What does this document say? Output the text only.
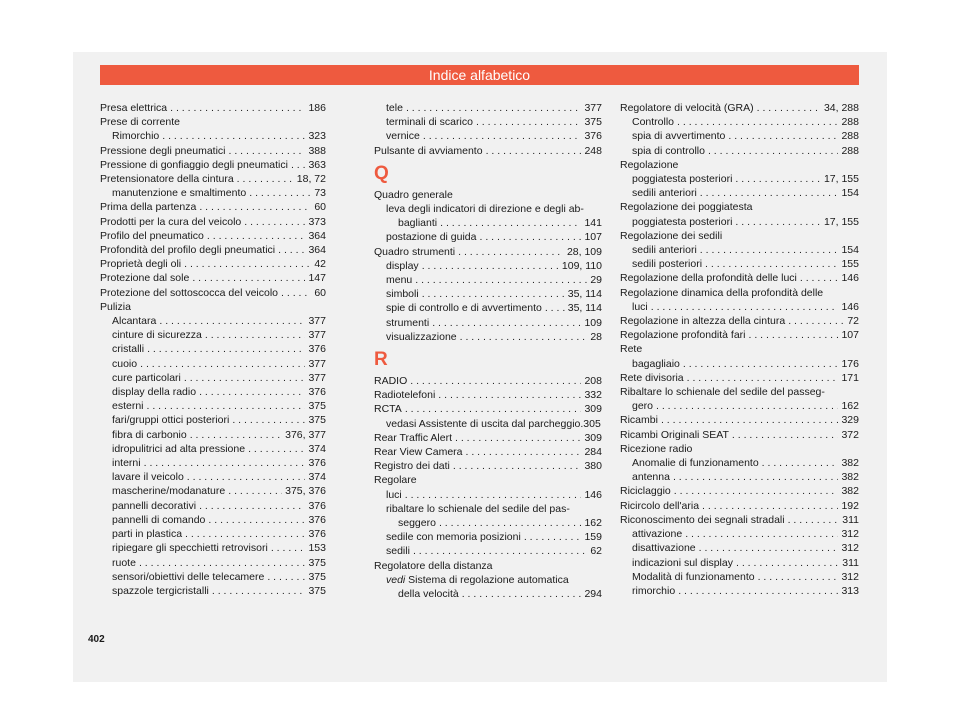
Indice alfabetico
Presa elettrica . . .	186
Prese di corrente
Rimorchio . . .	323
Pressione degli pneumatici . . .	388
Pressione di gonfiaggio degli pneumatici . . . 363
Pretensionatore della cintura . . .	18, 72
manutenzione e smaltimento . . .	73
Prima della partenza . . .	60
Prodotti per la cura del veicolo . . .	373
Profilo del pneumatico . . .	364
Profondità del profilo degli pneumatici . . .	364
Proprietà degli oli . . .	42
Protezione dal sole . . .	147
Protezione del sottoscocca del veicolo . . .	60
Pulizia
Alcantara . . .	377
cinture di sicurezza . . .	377
cristalli . . .	376
cuoio . . .	377
cure particolari . . .	377
display della radio . . .	376
esterni . . .	375
fari/gruppi ottici posteriori . . .	375
fibra di carbonio . . .	376, 377
idropulitrici ad alta pressione . . .	374
interni . . .	376
lavare il veicolo . . .	374
mascherine/modanature . . .	375, 376
pannelli decorativi . . .	376
pannelli di comando . . .	376
parti in plastica . . .	376
ripiegare gli specchietti retrovisori . . .	153
ruote . . .	375
sensori/obiettivi delle telecamere . . .	375
spazzole tergicristalli . . .	375
tele . . .	377
terminali di scarico . . .	375
vernice . . .	376
Pulsante di avviamento . . .	248
Q
Quadro generale
leva degli indicatori di direzione e degli ab-
baglianti . . .	141
postazione di guida . . .	107
Quadro strumenti . . .	28, 109
display . . .	109, 110
menu . . .	29
simboli . . .	35, 114
spie di controllo e di avvertimento . . . 35, 114
strumenti . . .	109
visualizzazione . . .	28
R
RADIO . . .	208
Radiotelefoni . . .	332
RCTA . . .	309
vedasi Assistente di uscita dal parcheggio . 305
Rear Traffic Alert . . .	309
Rear View Camera . . .	284
Registro dei dati . . .	380
Regolare
luci . . .	146
ribaltare lo schienale del sedile del pas-
seggero . . .	162
sedile con memoria posizioni . . .	159
sedili . . .	62
Regolatore della distanza
vedi Sistema di regolazione automatica
della velocità . . .	294
Regolatore di velocità (GRA) . . .	34, 288
Controllo . . .	288
spia di avvertimento . . .	288
spia di controllo . . .	288
Regolazione
poggiatesta posteriori . . .	17, 155
sedili anteriori . . .	154
Regolazione dei poggiatesta
poggiatesta posteriori . . .	17, 155
Regolazione dei sedili
sedili anteriori . . .	154
sedili posteriori . . .	155
Regolazione della profondità delle luci . . .	146
Regolazione dinamica della profondità delle
luci . . .	146
Regolazione in altezza della cintura . . .	72
Regolazione profondità fari . . .	107
Rete
bagagliaio . . .	176
Rete divisoria . . .	171
Ribaltare lo schienale del sedile del passeg-
gero . . .	162
Ricambi . . .	329
Ricambi Originali SEAT . . .	372
Ricezione radio
Anomalie di funzionamento . . .	382
antenna . . .	382
Riciclaggio . . .	382
Ricircolo dell'aria . . .	192
Riconoscimento dei segnali stradali . . .	311
attivazione . . .	312
disattivazione . . .	312
indicazioni sul display . . .	311
Modalità di funzionamento . . .	312
rimorchio . . .	313
402
